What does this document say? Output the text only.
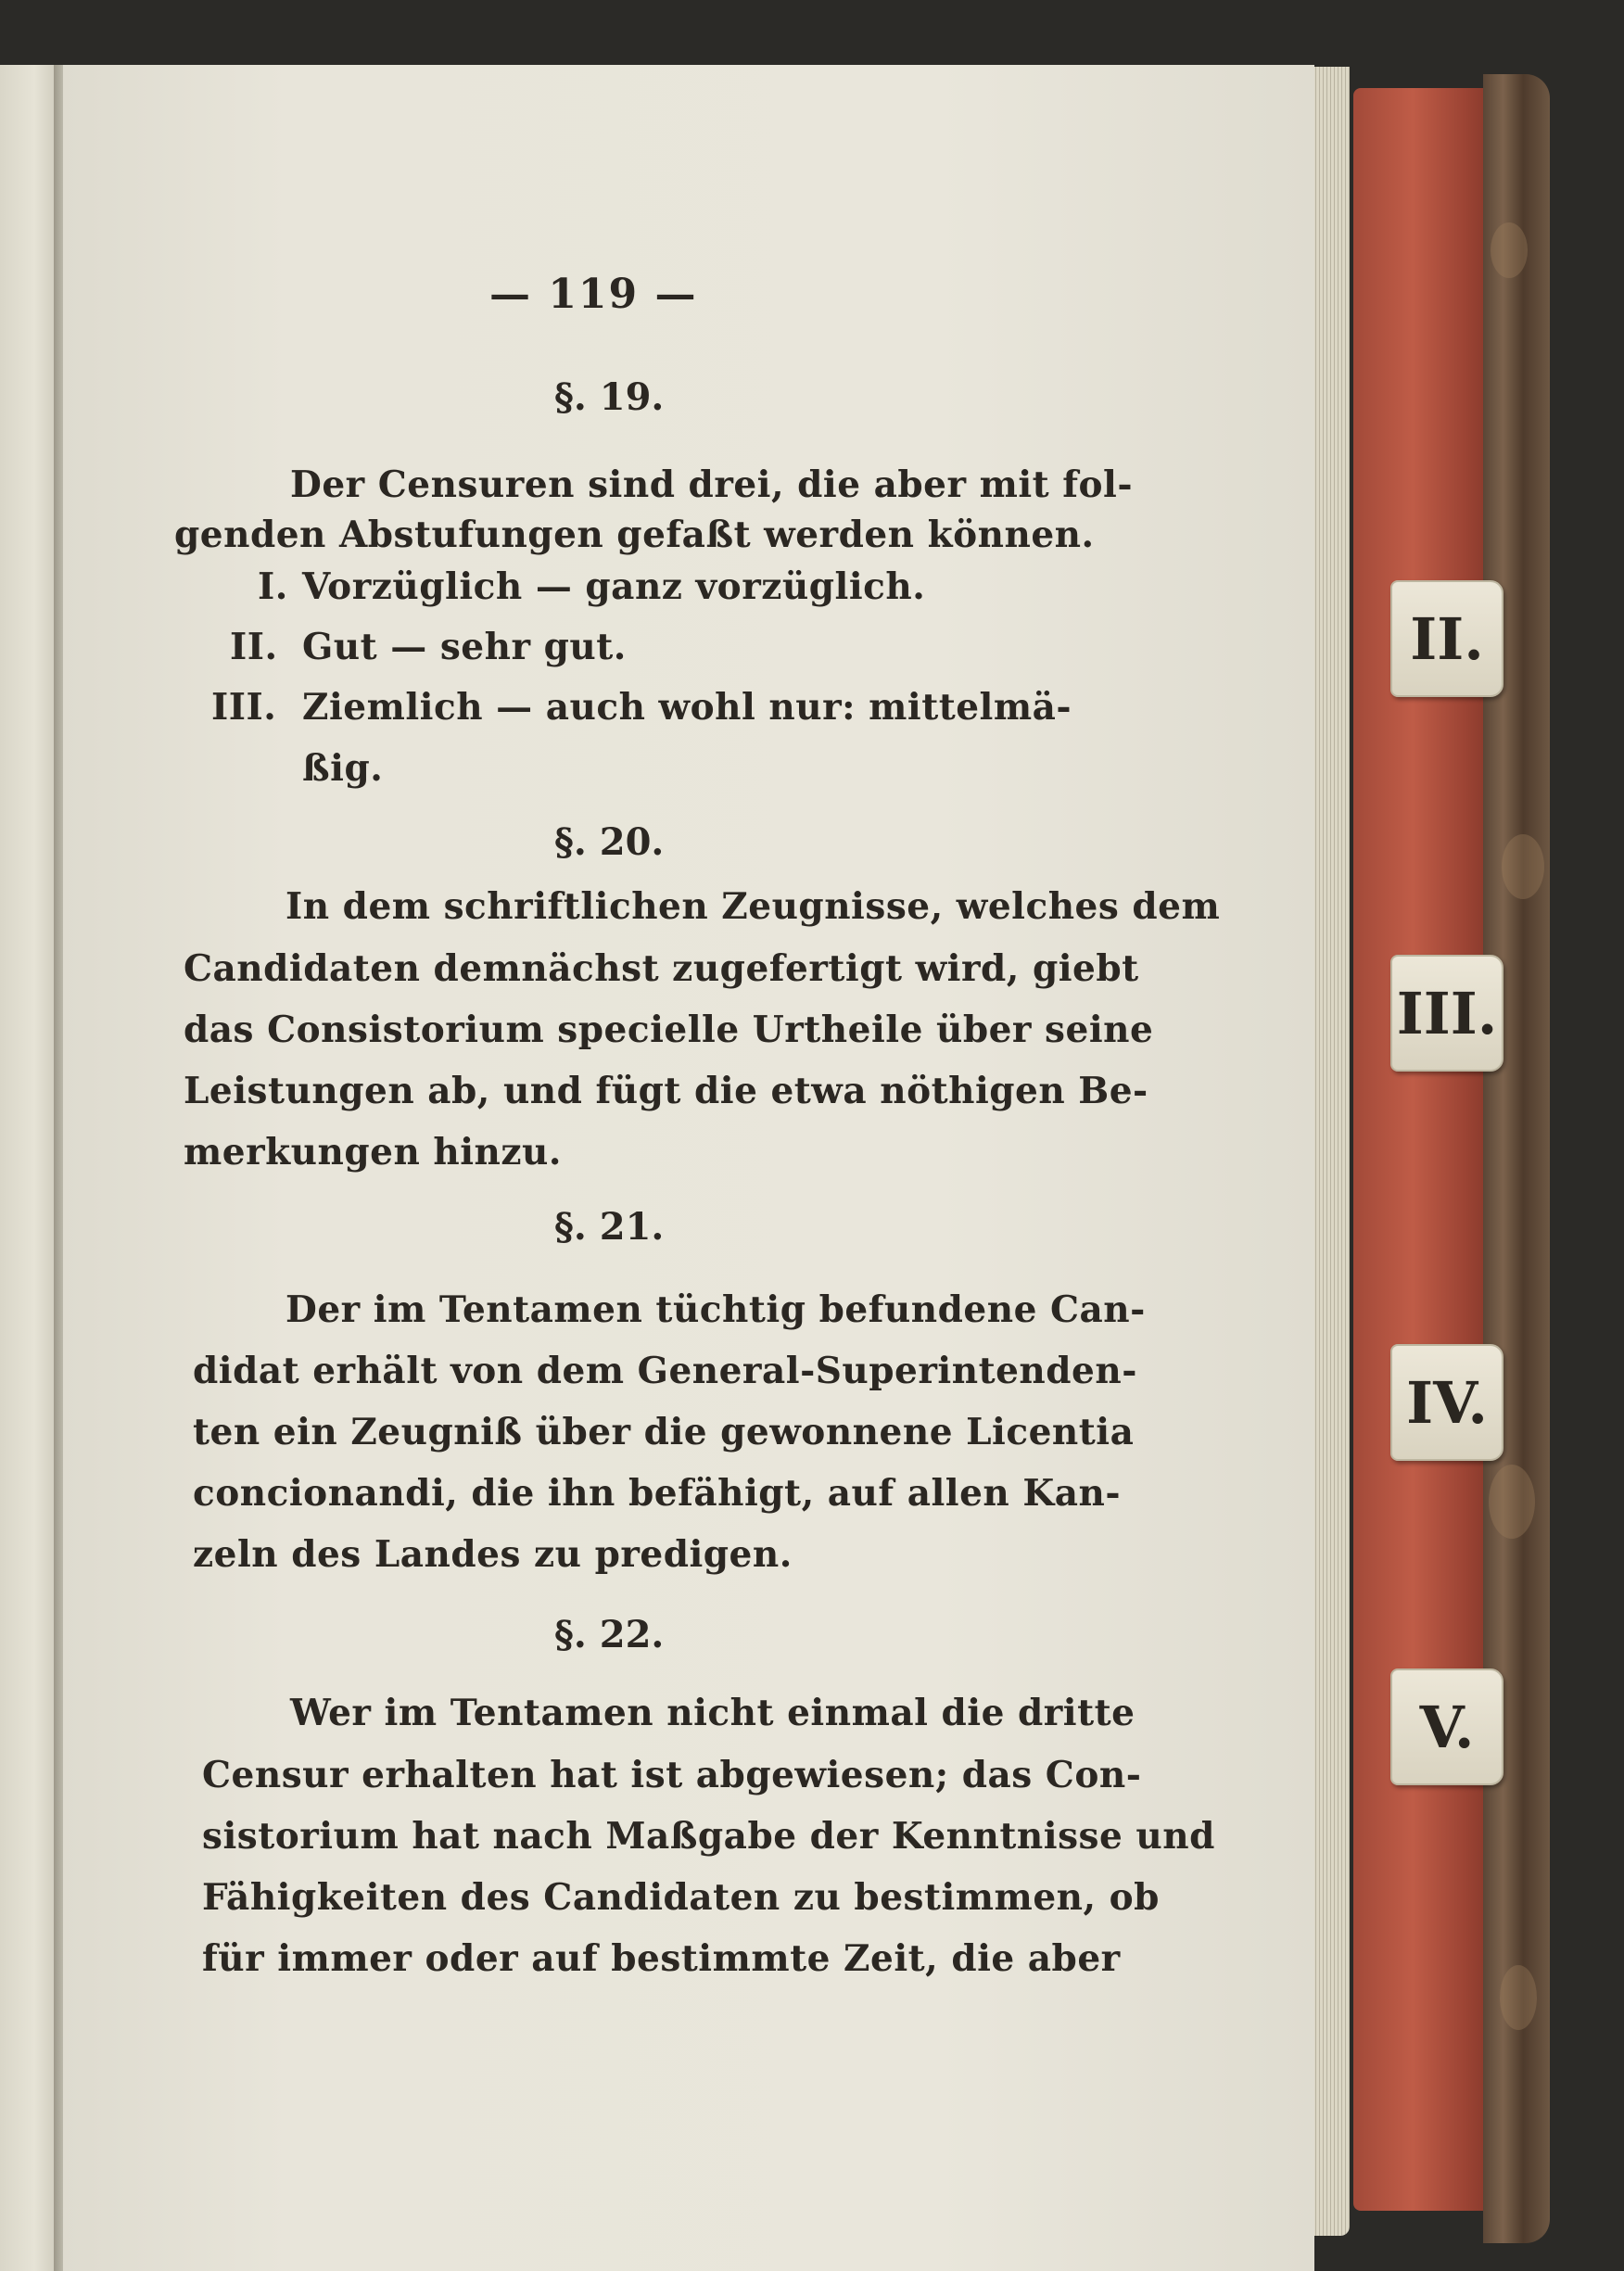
II.
III.
IV.
V.
— 119 —
§. 19.
Der Censuren sind drei, die aber mit fol-
genden Abstufungen gefaßt werden können.
I. Vorzüglich — ganz vorzüglich.
II. Gut — sehr gut.
III. Ziemlich — auch wohl nur: mittelmä-
ßig.
§. 20.
In dem schriftlichen Zeugnisse, welches dem
Candidaten demnächst zugefertigt wird, giebt
das Consistorium specielle Urtheile über seine
Leistungen ab, und fügt die etwa nöthigen Be-
merkungen hinzu.
§. 21.
Der im Tentamen tüchtig befundene Can-
didat erhält von dem General-Superintenden-
ten ein Zeugniß über die gewonnene Licentia
concionandi, die ihn befähigt, auf allen Kan-
zeln des Landes zu predigen.
§. 22.
Wer im Tentamen nicht einmal die dritte
Censur erhalten hat ist abgewiesen; das Con-
sistorium hat nach Maßgabe der Kenntnisse und
Fähigkeiten des Candidaten zu bestimmen, ob
für immer oder auf bestimmte Zeit, die aber
